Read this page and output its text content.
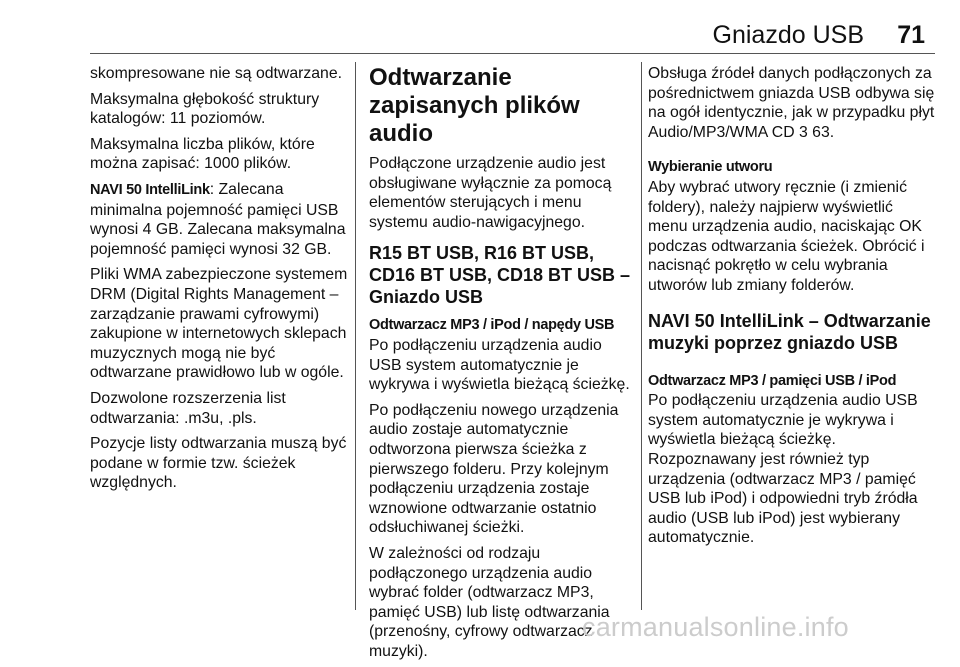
Gniazdo USB 71

skompresowane nie są odtwarzane.

Maksymalna głębokość struktury katalogów: 11 poziomów.

Maksymalna liczba plików, które można zapisać: 1000 plików.

NAVI 50 IntelliLink: Zalecana minimalna pojemność pamięci USB wynosi 4 GB. Zalecana maksymalna pojemność pamięci wynosi 32 GB.

Pliki WMA zabezpieczone systemem DRM (Digital Rights Management – zarządzanie prawami cyfrowymi) zakupione w internetowych sklepach muzycznych mogą nie być odtwarzane prawidłowo lub w ogóle.

Dozwolone rozszerzenia list odtwarzania: .m3u, .pls.

Pozycje listy odtwarzania muszą być podane w formie tzw. ścieżek względnych.

Odtwarzanie zapisanych plików audio

Podłączone urządzenie audio jest obsługiwane wyłącznie za pomocą elementów sterujących i menu systemu audio-nawigacyjnego.

R15 BT USB, R16 BT USB, CD16 BT USB, CD18 BT USB – Gniazdo USB
Odtwarzacz MP3 / iPod / napędy USB

Po podłączeniu urządzenia audio USB system automatycznie je wykrywa i wyświetla bieżącą ścieżkę.

Po podłączeniu nowego urządzenia audio zostaje automatycznie odtworzona pierwsza ścieżka z pierwszego folderu. Przy kolejnym podłączeniu urządzenia zostaje wznowione odtwarzanie ostatnio odsłuchiwanej ścieżki.

W zależności od rodzaju podłączonego urządzenia audio wybrać folder (odtwarzacz MP3, pamięć USB) lub listę odtwarzania (przenośny, cyfrowy odtwarzacz muzyki).

Obsługa źródeł danych podłączonych za pośrednictwem gniazda USB odbywa się na ogół identycznie, jak w przypadku płyt Audio/MP3/WMA CD 3 63.

Wybieranie utworu

Aby wybrać utwory ręcznie (i zmienić foldery), należy najpierw wyświetlić menu urządzenia audio, naciskając OK podczas odtwarzania ścieżek. Obrócić i nacisnąć pokrętło w celu wybrania utworów lub zmiany folderów.

NAVI 50 IntelliLink – Odtwarzanie muzyki poprzez gniazdo USB
Odtwarzacz MP3 / pamięci USB / iPod

Po podłączeniu urządzenia audio USB system automatycznie je wykrywa i wyświetla bieżącą ścieżkę. Rozpoznawany jest również typ urządzenia (odtwarzacz MP3 / pamięć USB lub iPod) i odpowiedni tryb źródła audio (USB lub iPod) jest wybierany automatycznie.

carmanualsonline.info
